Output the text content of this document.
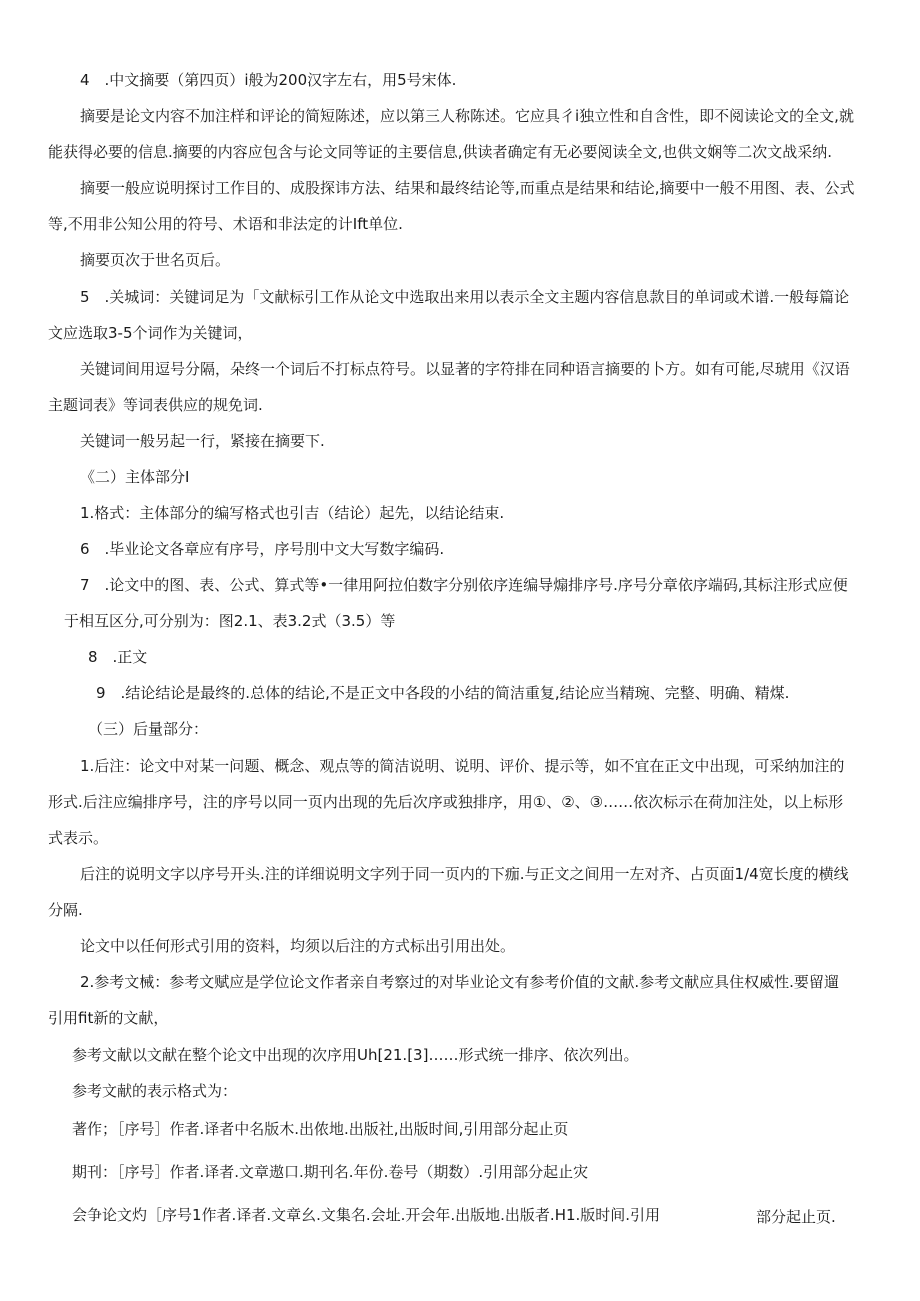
4　.中文摘要（第四页）i般为200汉字左右，用5号宋体.
摘要是论文内容不加注样和评论的简短陈述，应以第三人称陈述。它应具彳i独立性和自含性，即不阅读论文的全文,就
能获得必要的信息.摘要的内容应包含与论文同等证的主要信息,供读者确定有无必要阅读全文,也供文娴等二次文战采纳.
摘要一般应说明探讨工作目的、成股探讳方法、结果和最终结论等,而重点是结果和结论,摘要中一般不用图、表、公式
等,不用非公知公用的符号、术语和非法定的计Ift单位.
摘要页次于世名页后。
5　.关城词：关键词足为「文献标引工作从论文中选取出来用以表示全文主题内容信息款目的单词或术谱.一般每篇论
文应选取3-5个词作为关键词，
关键词间用逗号分隔，朵终一个词后不打标点符号。以显著的字符排在同种语言摘要的卜方。如有可能,尽琥用《汉语
主题词表》等词表供应的规免词.
关键词一般另起一行，紧接在摘要下.
《二）主体部分I
1.格式：主体部分的编写格式也引吉（结论）起先，以结论结束.
6　.毕业论文各章应有序号，序号刖中文大写数字编码.
7　.论文中的图、表、公式、算式等•一律用阿拉伯数字分别依序连编导煽排序号.序号分章依序端码,其标注形式应便
于相互区分,可分别为：图2.1、表3.2式（3.5）等
8　.正文
9　.结论结论是最终的.总体的结论,不是正文中各段的小结的简洁重复,结论应当精琬、完整、明确、精煤.
（三）后量部分：
1.后注：论文中对某一问题、概念、观点等的简洁说明、说明、评价、提示等，如不宜在正文中出现，可采纳加注的
形式.后注应编排序号，注的序号以同一页内出现的先后次序或独排序，用①、②、③……依次标示在荷加注处，以上标形
式表示。
后注的说明文字以序号开头.注的详细说明文字列于同一页内的下痂.与正文之间用一左对齐、占页面1/4宽长度的横线
分隔.
论文中以任何形式引用的资料，均须以后注的方式标出引用出处。
2.参考文械：参考文赋应是学位论文作者亲自考察过的对毕业论文有参考价值的文献.参考文献应具住权威性.要留遛
引用fit新的文献，
参考文献以文献在整个论文中出现的次序用Uh[21.[3]……形式统一排序、依次列出。
参考文献的表示格式为：
著作；［序号］作者.译者中名版木.出侬地.出版社,出版时间,引用部分起止页
期刊：［序号］作者.译者.文章遨口.期刊名.年份.卷号（期数）.引用部分起止灾
会争论文灼［序号1作者.译者.文章幺.文集名.会址.开会年.出版地.出版者.H1.版时间.引用	部分起止页.
